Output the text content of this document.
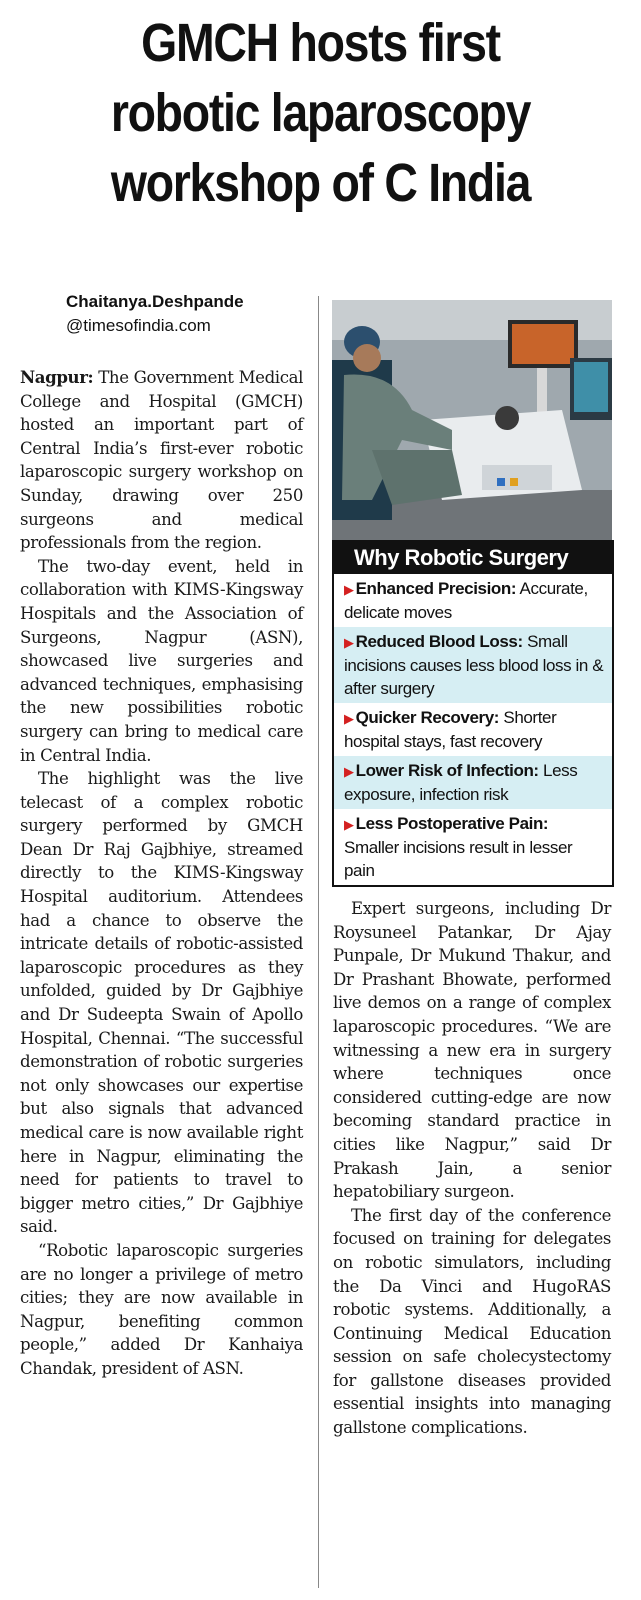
GMCH hosts first
robotic laparoscopy
workshop of C India
Chaitanya.Deshpande
@timesofindia.com

Nagpur: The Government Medical College and Hospital (GMCH) hosted an important part of Central India’s first-ever robotic laparoscopic surgery workshop on Sunday, drawing over 250 surgeons and medical professionals from the region.

The two-day event, held in collaboration with KIMS-Kingsway Hospitals and the Association of Surgeons, Nagpur (ASN), showcased live surgeries and advanced techniques, emphasising the new possibilities robotic surgery can bring to medical care in Central India.

The highlight was the live telecast of a complex robotic surgery performed by GMCH Dean Dr Raj Gajbhiye, streamed directly to the KIMS-Kingsway Hospital auditorium. Attendees had a chance to observe the intricate details of robotic-assisted laparoscopic procedures as they unfolded, guided by Dr Gajbhiye and Dr Sudeepta Swain of Apollo Hospital, Chennai. “The successful demonstration of robotic surgeries not only showcases our expertise but also signals that advanced medical care is now available right here in Nagpur, eliminating the need for patients to travel to bigger metro cities,” Dr Gajbhiye said.

“Robotic laparoscopic surgeries are no longer a privilege of metro cities; they are now available in Nagpur, benefiting common people,” added Dr Kanhaiya Chandak, president of ASN.

Why Robotic Surgery
▶ Enhanced Precision: Accurate, delicate moves
▶ Reduced Blood Loss: Small incisions causes less blood loss in & after surgery
▶ Quicker Recovery: Shorter hospital stays, fast recovery
▶ Lower Risk of Infection: Less exposure, infection risk
▶ Less Postoperative Pain: Smaller incisions result in lesser pain

Expert surgeons, including Dr Roysuneel Patankar, Dr Ajay Punpale, Dr Mukund Thakur, and Dr Prashant Bhowate, performed live demos on a range of complex laparoscopic procedures. “We are witnessing a new era in surgery where techniques once considered cutting-edge are now becoming standard practice in cities like Nagpur,” said Dr Prakash Jain, a senior hepatobiliary surgeon.

The first day of the conference focused on training for delegates on robotic simulators, including the Da Vinci and HugoRAS robotic systems. Additionally, a Continuing Medical Education session on safe cholecystectomy for gallstone diseases provided essential insights into managing gallstone complications.
